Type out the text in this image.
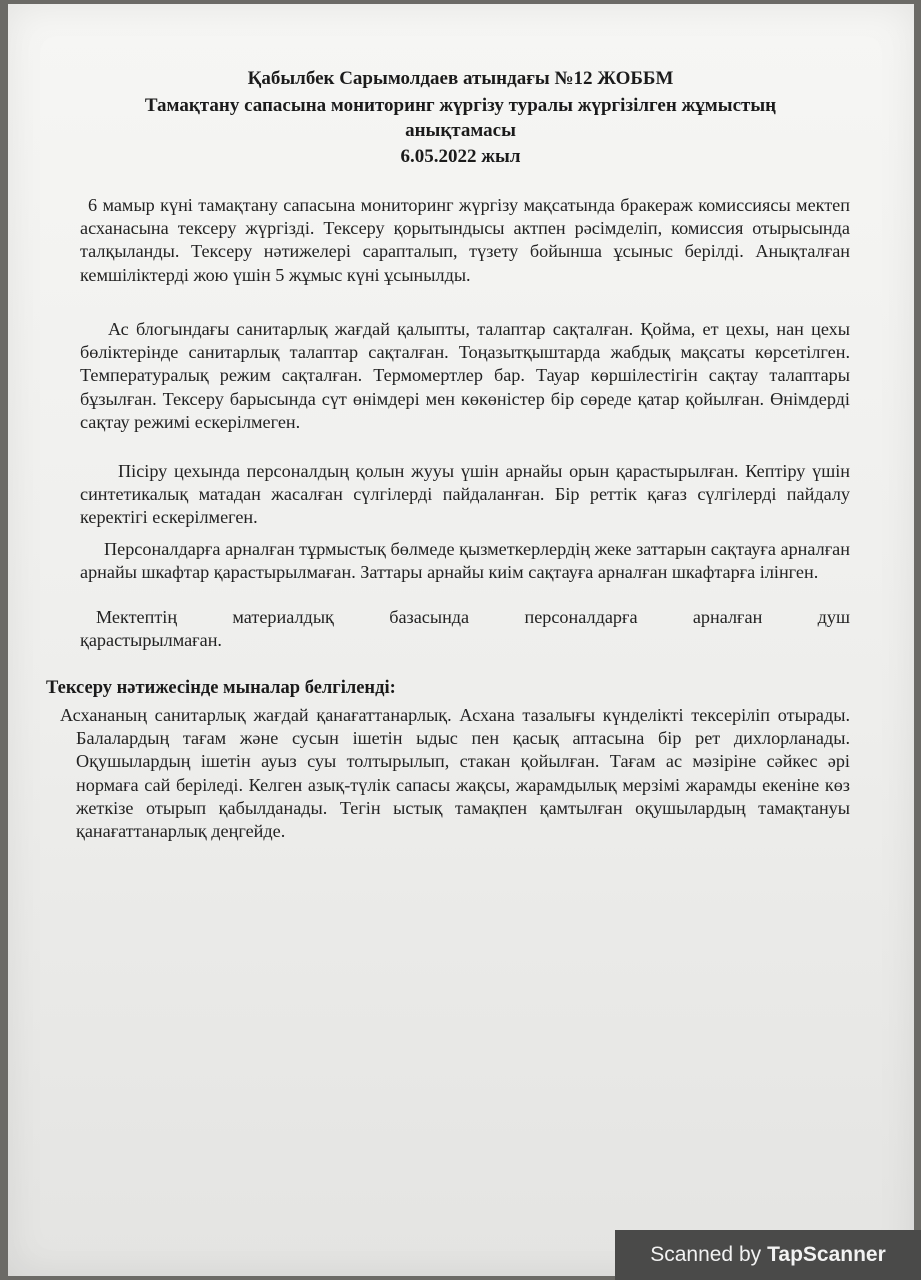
Қабылбек Сарымолдаев атындағы №12 ЖОББМ
Тамақтану сапасына мониторинг жүргізу туралы жүргізілген жұмыстың
анықтамасы
6.05.2022 жыл

6 мамыр күні тамақтану сапасына мониторинг жүргізу мақсатында бракераж комиссиясы мектеп асханасына тексеру жүргізді. Тексеру қорытындысы актпен рәсімделіп, комиссия отырысында талқыланды. Тексеру нәтижелері сарапталып, түзету бойынша ұсыныс берілді. Анықталған кемшіліктерді жою үшін 5 жұмыс күні ұсынылды.

Ас блогындағы санитарлық жағдай қалыпты, талаптар сақталған. Қойма, ет цехы, нан цехы бөліктерінде санитарлық талаптар сақталған. Тоңазытқыштарда жабдық мақсаты көрсетілген. Температуралық режим сақталған. Термомертлер бар. Тауар көршілестігін сақтау талаптары бұзылған. Тексеру барысында сүт өнімдері мен көкөністер бір сөреде қатар қойылған. Өнімдерді сақтау режимі ескерілмеген.

Пісіру цехында персоналдың қолын жууы үшін арнайы орын қарастырылған. Кептіру үшін синтетикалық матадан жасалған сүлгілерді пайдаланған. Бір реттік қағаз сүлгілерді пайдалу керектігі ескерілмеген.

Персоналдарға арналған тұрмыстық бөлмеде қызметкерлердің жеке заттарын сақтауға арналған арнайы шкафтар қарастырылмаған. Заттары арнайы киім сақтауға арналған шкафтарға ілінген.

Мектептің материалдық базасында персоналдарға арналған душ

қарастырылмаған.

Тексеру нәтижесінде мыналар белгіленді:

Асхананың санитарлық жағдай қанағаттанарлық. Асхана тазалығы күнделікті тексеріліп отырады. Балалардың тағам және сусын ішетін ыдыс пен қасық аптасына бір рет дихлорланады. Оқушылардың ішетін ауыз суы толтырылып, стакан қойылған. Тағам ас мәзіріне сәйкес әрі нормаға сай беріледі. Келген азық-түлік сапасы жақсы, жарамдылық мерзімі жарамды екеніне көз жеткізе отырып қабылданады. Тегін ыстық тамақпен қамтылған оқушылардың тамақтануы қанағаттанарлық деңгейде.

Scanned by TapScanner
